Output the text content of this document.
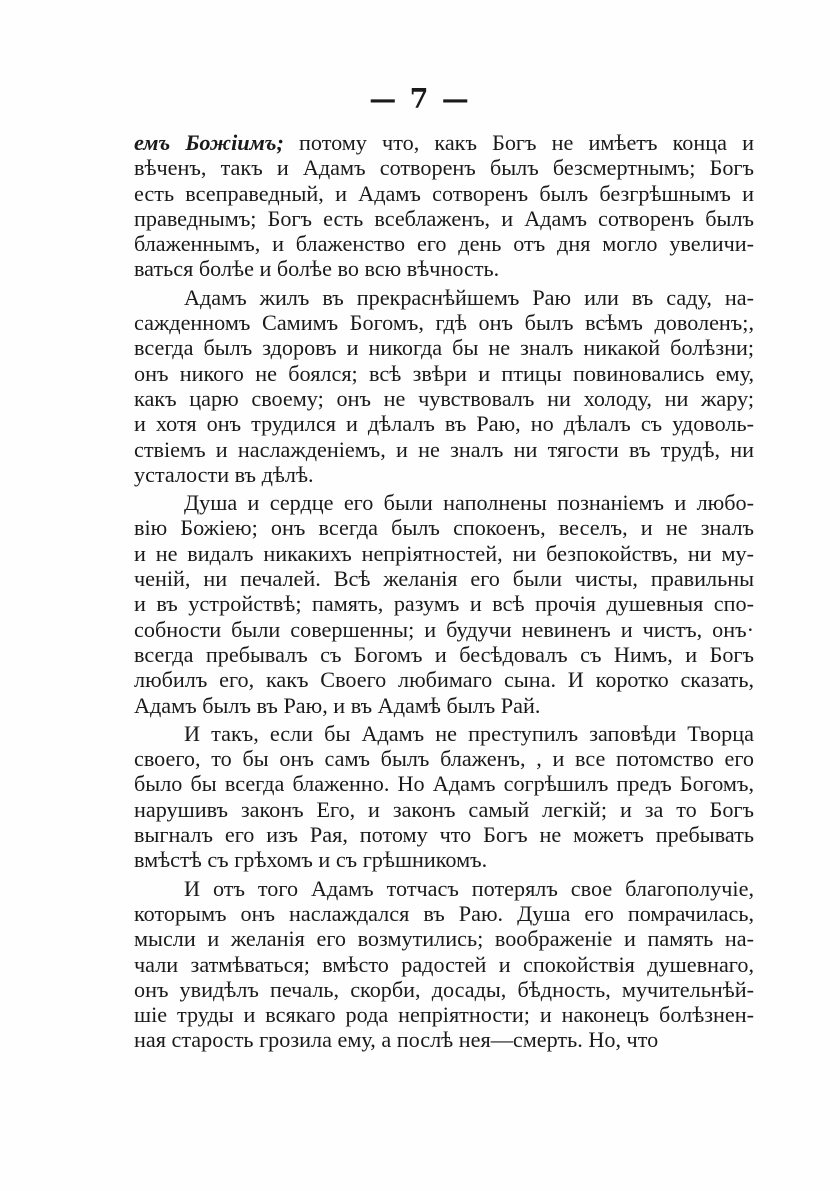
— 7 —
емъ Божiимъ; потому что, какъ Богъ не имѣетъ конца и
вѣченъ, такъ и Адамъ сотворенъ былъ безсмертнымъ; Богъ
есть всеправедный, и Адамъ сотворенъ былъ безгрѣшнымъ и
праведнымъ; Богъ есть всеблаженъ, и Адамъ сотворенъ былъ
блаженнымъ, и блаженство его день отъ дня могло увеличи-
ваться болѣе и болѣе во всю вѣчность.
Адамъ жилъ въ прекраснѣйшемъ Раю или въ саду, на-
сажденномъ Самимъ Богомъ, гдѣ онъ былъ всѣмъ доволенъ;,
всегда былъ здоровъ и никогда бы не зналъ никакой болѣзни;
онъ никого не боялся; всѣ звѣри и птицы повиновались ему,
какъ царю своему; онъ не чувствовалъ ни холоду, ни жару;
и хотя онъ трудился и дѣлалъ въ Раю, но дѣлалъ съ удоволь-
ствiемъ и наслажденiемъ, и не зналъ ни тягости въ трудѣ, ни
усталости въ дѣлѣ.
Душа и сердце его были наполнены познанiемъ и любо-
вiю Божiею; онъ всегда былъ спокоенъ, веселъ, и не зналъ
и не видалъ никакихъ непрiятностей, ни безпокойствъ, ни му-
ченiй, ни печалей. Всѣ желанiя его были чисты, правильны
и въ устройствѣ; память, разумъ и всѣ прочiя душевныя спо-
собности были совершенны; и будучи невиненъ и чистъ, онъ·
всегда пребывалъ съ Богомъ и бесѣдовалъ съ Нимъ, и Богъ
любилъ его, какъ Своего любимаго сына. И коротко сказать,
Адамъ былъ въ Раю, и въ Адамѣ былъ Рай.
И такъ, если бы Адамъ не преступилъ заповѣди Творца
своего, то бы онъ самъ былъ блаженъ, , и все потомство его
было бы всегда блаженно. Но Адамъ согрѣшилъ предъ Богомъ,
нарушивъ законъ Его, и законъ самый легкiй; и за то Богъ
выгналъ его изъ Рая, потому что Богъ не можетъ пребывать
вмѣстѣ съ грѣхомъ и съ грѣшникомъ.
И отъ того Адамъ тотчасъ потерялъ свое благополучiе,
которымъ онъ наслаждался въ Раю. Душа его помрачилась,
мысли и желанiя его возмутились; воображенiе и память на-
чали затмѣваться; вмѣсто радостей и спокойствiя душевнаго,
онъ увидѣлъ печаль, скорби, досады, бѣдность, мучительнѣй-
шiе труды и всякаго рода непрiятности; и наконецъ болѣзнен-
ная старость грозила ему, а послѣ нея—смерть. Но, что
